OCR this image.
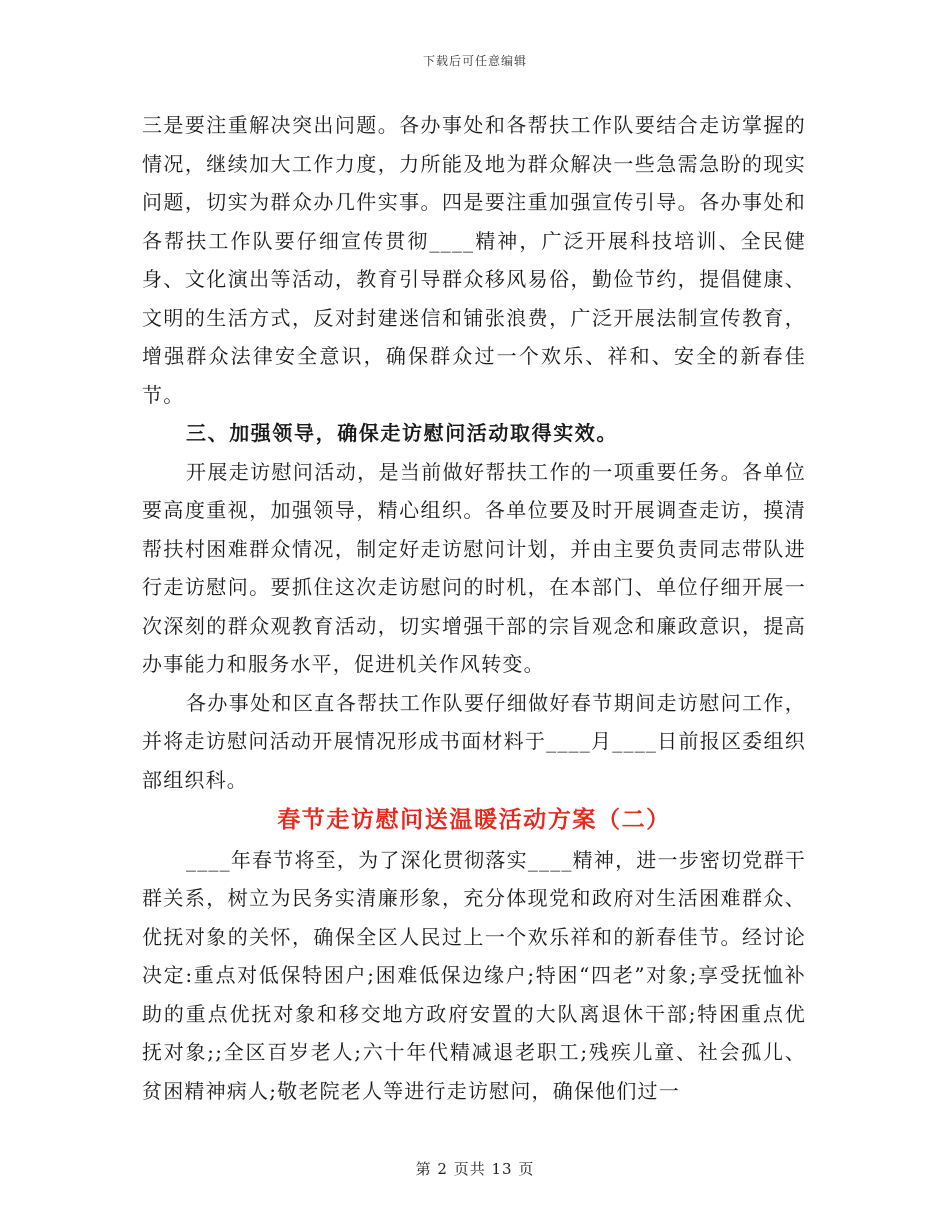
下载后可任意编辑

三是要注重解决突出问题。各办事处和各帮扶工作队要结合走访掌握的情况，继续加大工作力度，力所能及地为群众解决一些急需急盼的现实问题，切实为群众办几件实事。四是要注重加强宣传引导。各办事处和各帮扶工作队要仔细宣传贯彻____精神，广泛开展科技培训、全民健身、文化演出等活动，教育引导群众移风易俗，勤俭节约，提倡健康、文明的生活方式，反对封建迷信和铺张浪费，广泛开展法制宣传教育，增强群众法律安全意识，确保群众过一个欢乐、祥和、安全的新春佳节。

三、加强领导，确保走访慰问活动取得实效。

开展走访慰问活动，是当前做好帮扶工作的一项重要任务。各单位要高度重视，加强领导，精心组织。各单位要及时开展调查走访，摸清帮扶村困难群众情况，制定好走访慰问计划，并由主要负责同志带队进行走访慰问。要抓住这次走访慰问的时机，在本部门、单位仔细开展一次深刻的群众观教育活动，切实增强干部的宗旨观念和廉政意识，提高办事能力和服务水平，促进机关作风转变。

各办事处和区直各帮扶工作队要仔细做好春节期间走访慰问工作，并将走访慰问活动开展情况形成书面材料于____月____日前报区委组织部组织科。

春节走访慰问送温暖活动方案（二）

____年春节将至，为了深化贯彻落实____精神，进一步密切党群干群关系，树立为民务实清廉形象，充分体现党和政府对生活困难群众、优抚对象的关怀，确保全区人民过上一个欢乐祥和的新春佳节。经讨论决定:重点对低保特困户;困难低保边缘户;特困“四老”对象;享受抚恤补助的重点优抚对象和移交地方政府安置的大队离退休干部;特困重点优抚对象;;全区百岁老人;六十年代精减退老职工;残疾儿童、社会孤儿、贫困精神病人;敬老院老人等进行走访慰问，确保他们过一

第 2 页共 13 页
